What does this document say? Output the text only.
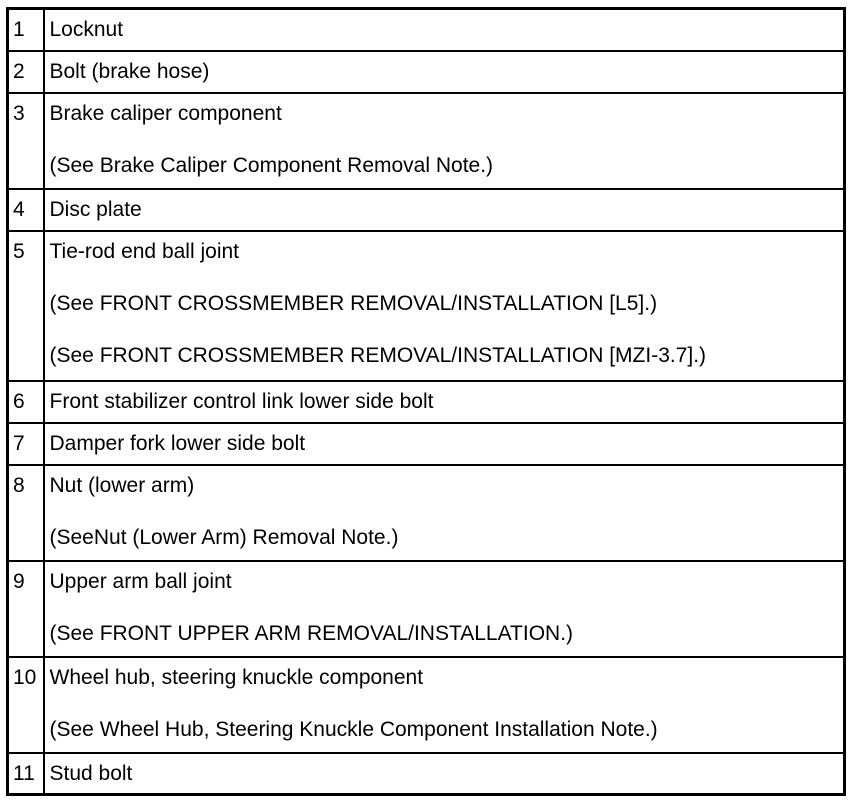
1	Locknut

2	Bolt (brake hose)

3	Brake caliper component
(See Brake Caliper Component Removal Note.)

4	Disc plate

5	Tie-rod end ball joint
(See FRONT CROSSMEMBER REMOVAL/INSTALLATION [L5].)
(See FRONT CROSSMEMBER REMOVAL/INSTALLATION [MZI-3.7].)

6	Front stabilizer control link lower side bolt

7	Damper fork lower side bolt

8	Nut (lower arm)
(SeeNut (Lower Arm) Removal Note.)

9	Upper arm ball joint
(See FRONT UPPER ARM REMOVAL/INSTALLATION.)

10	Wheel hub, steering knuckle component
(See Wheel Hub, Steering Knuckle Component Installation Note.)

11	Stud bolt
